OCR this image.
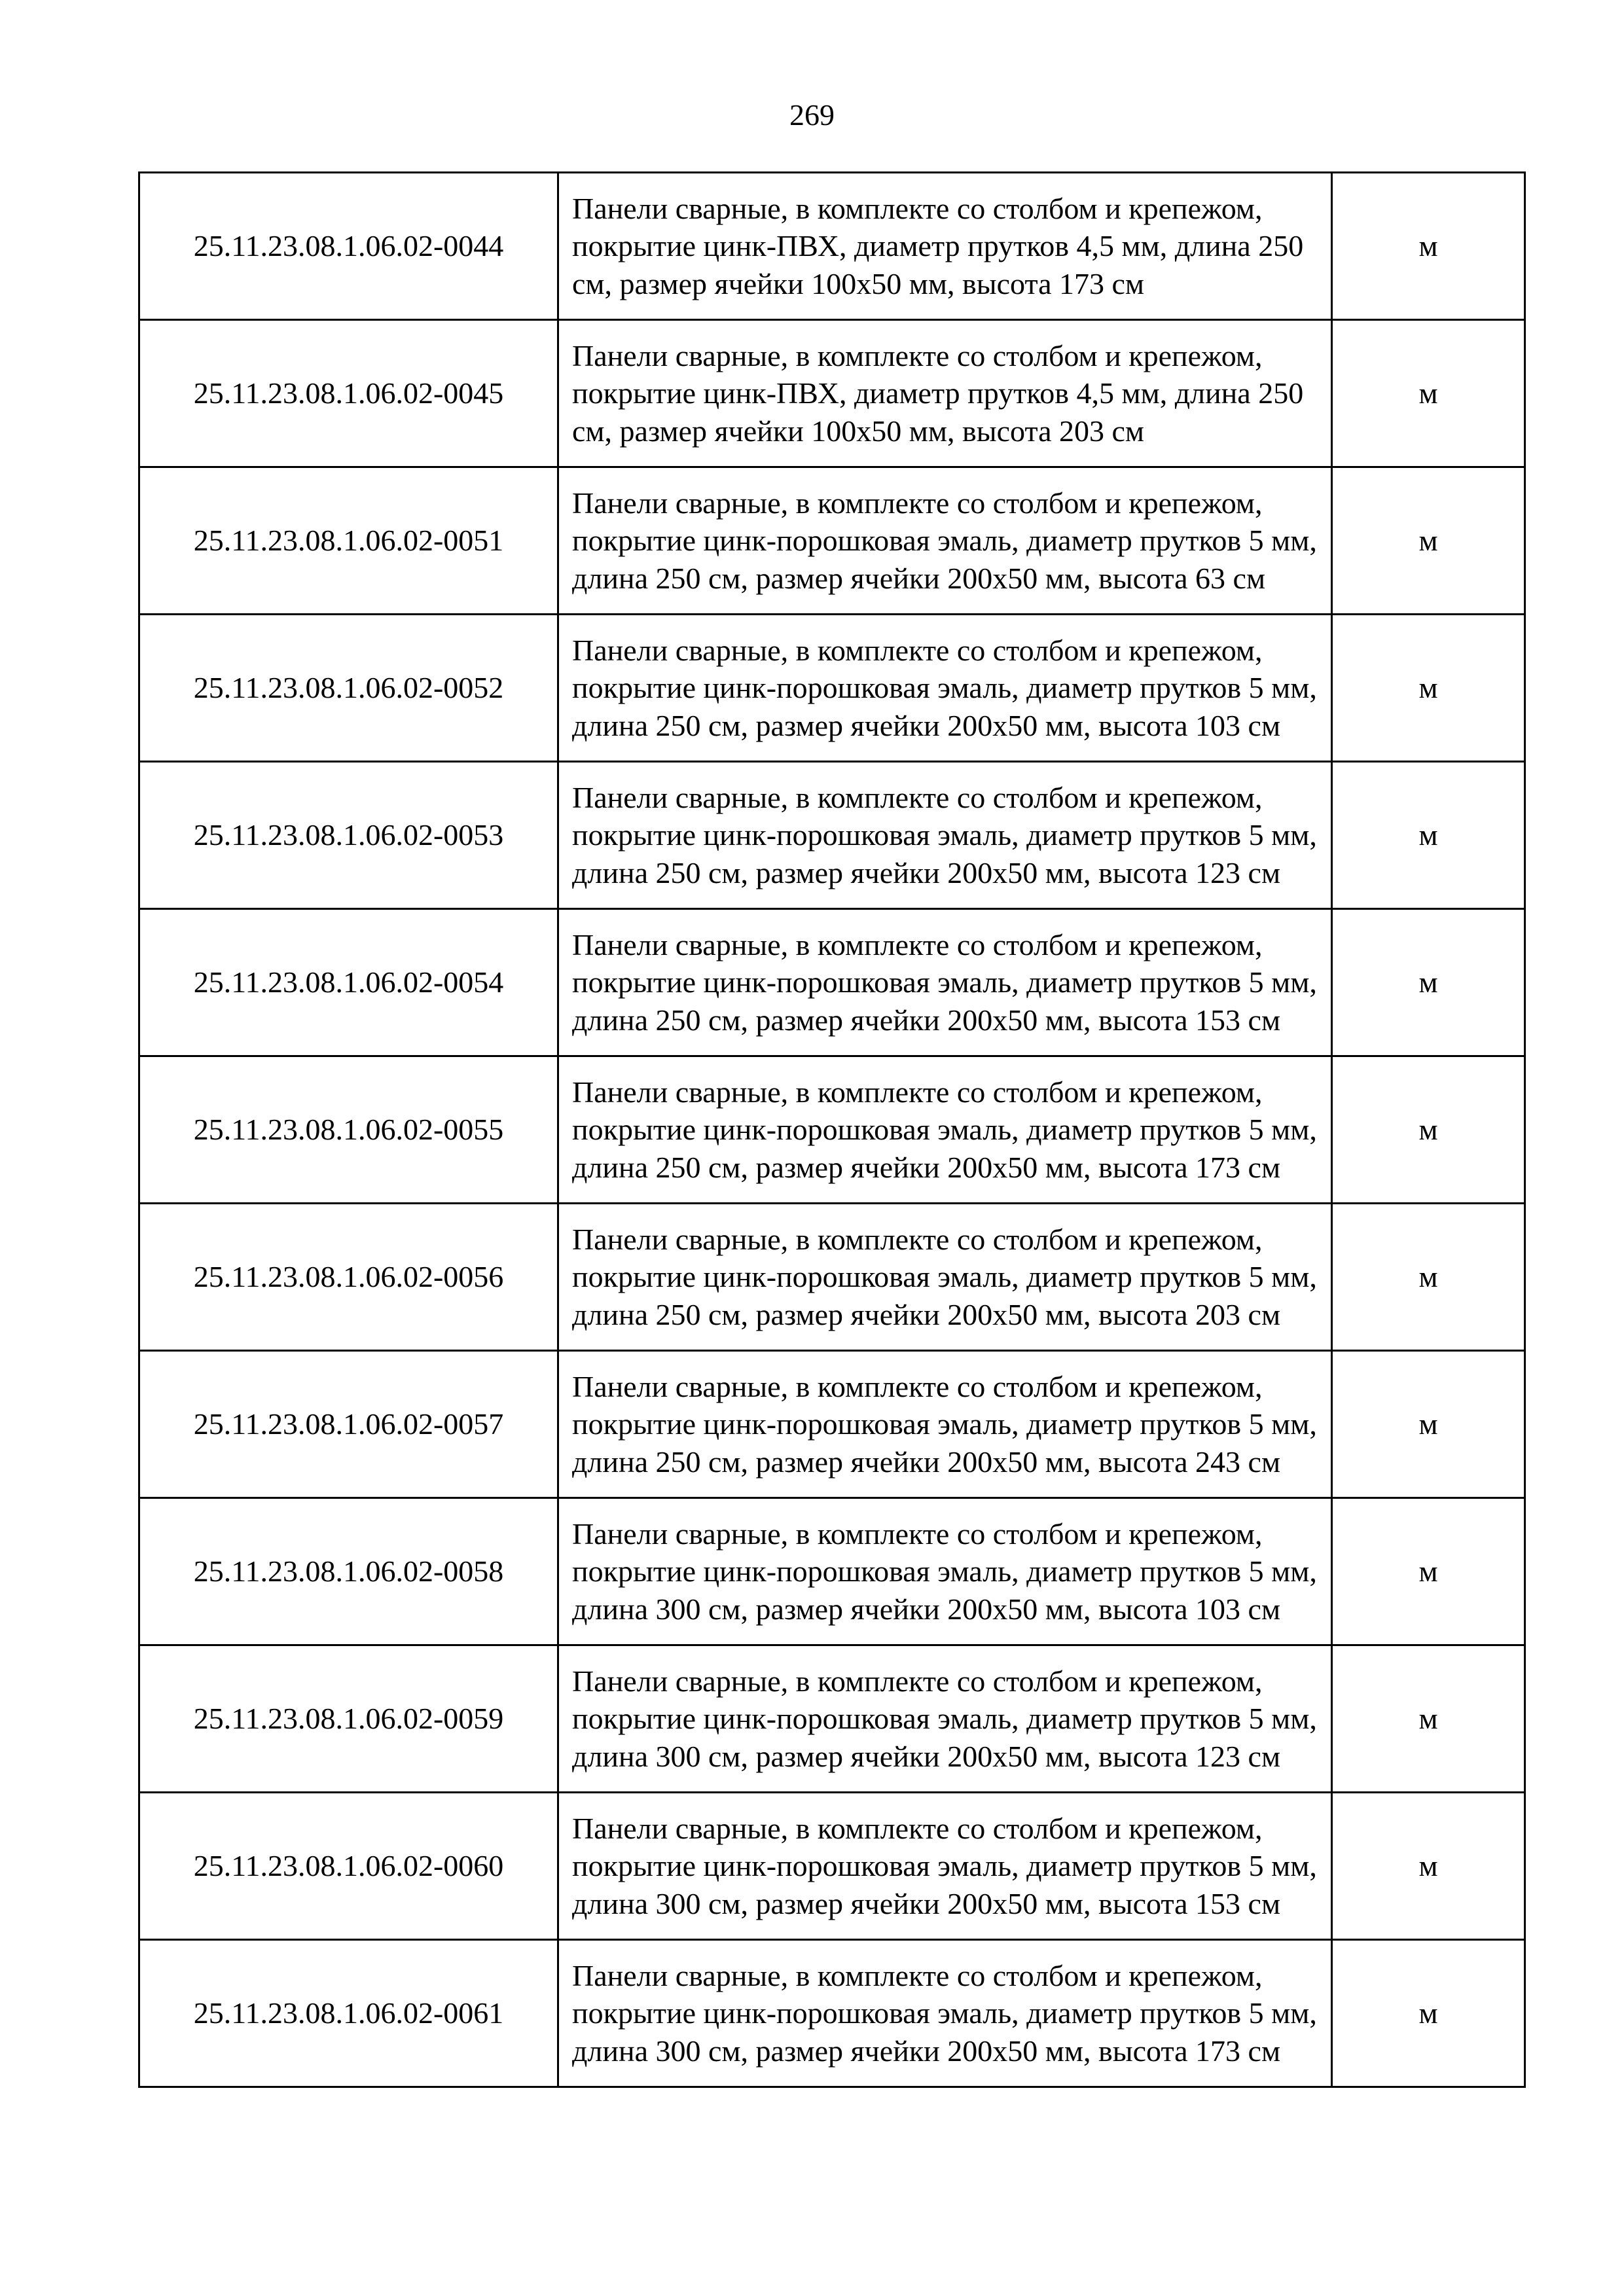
269
25.11.23.08.1.06.02-0044	Панели сварные, в комплекте со столбом и крепежом, покрытие цинк-ПВХ, диаметр прутков 4,5 мм, длина 250 см, размер ячейки 100х50 мм, высота 173 см	м
25.11.23.08.1.06.02-0045	Панели сварные, в комплекте со столбом и крепежом, покрытие цинк-ПВХ, диаметр прутков 4,5 мм, длина 250 см, размер ячейки 100х50 мм, высота 203 см	м
25.11.23.08.1.06.02-0051	Панели сварные, в комплекте со столбом и крепежом, покрытие цинк-порошковая эмаль, диаметр прутков 5 мм, длина 250 см, размер ячейки 200х50 мм, высота 63 см	м
25.11.23.08.1.06.02-0052	Панели сварные, в комплекте со столбом и крепежом, покрытие цинк-порошковая эмаль, диаметр прутков 5 мм, длина 250 см, размер ячейки 200х50 мм, высота 103 см	м
25.11.23.08.1.06.02-0053	Панели сварные, в комплекте со столбом и крепежом, покрытие цинк-порошковая эмаль, диаметр прутков 5 мм, длина 250 см, размер ячейки 200х50 мм, высота 123 см	м
25.11.23.08.1.06.02-0054	Панели сварные, в комплекте со столбом и крепежом, покрытие цинк-порошковая эмаль, диаметр прутков 5 мм, длина 250 см, размер ячейки 200х50 мм, высота 153 см	м
25.11.23.08.1.06.02-0055	Панели сварные, в комплекте со столбом и крепежом, покрытие цинк-порошковая эмаль, диаметр прутков 5 мм, длина 250 см, размер ячейки 200х50 мм, высота 173 см	м
25.11.23.08.1.06.02-0056	Панели сварные, в комплекте со столбом и крепежом, покрытие цинк-порошковая эмаль, диаметр прутков 5 мм, длина 250 см, размер ячейки 200х50 мм, высота 203 см	м
25.11.23.08.1.06.02-0057	Панели сварные, в комплекте со столбом и крепежом, покрытие цинк-порошковая эмаль, диаметр прутков 5 мм, длина 250 см, размер ячейки 200х50 мм, высота 243 см	м
25.11.23.08.1.06.02-0058	Панели сварные, в комплекте со столбом и крепежом, покрытие цинк-порошковая эмаль, диаметр прутков 5 мм, длина 300 см, размер ячейки 200х50 мм, высота 103 см	м
25.11.23.08.1.06.02-0059	Панели сварные, в комплекте со столбом и крепежом, покрытие цинк-порошковая эмаль, диаметр прутков 5 мм, длина 300 см, размер ячейки 200х50 мм, высота 123 см	м
25.11.23.08.1.06.02-0060	Панели сварные, в комплекте со столбом и крепежом, покрытие цинк-порошковая эмаль, диаметр прутков 5 мм, длина 300 см, размер ячейки 200х50 мм, высота 153 см	м
25.11.23.08.1.06.02-0061	Панели сварные, в комплекте со столбом и крепежом, покрытие цинк-порошковая эмаль, диаметр прутков 5 мм, длина 300 см, размер ячейки 200х50 мм, высота 173 см	м
